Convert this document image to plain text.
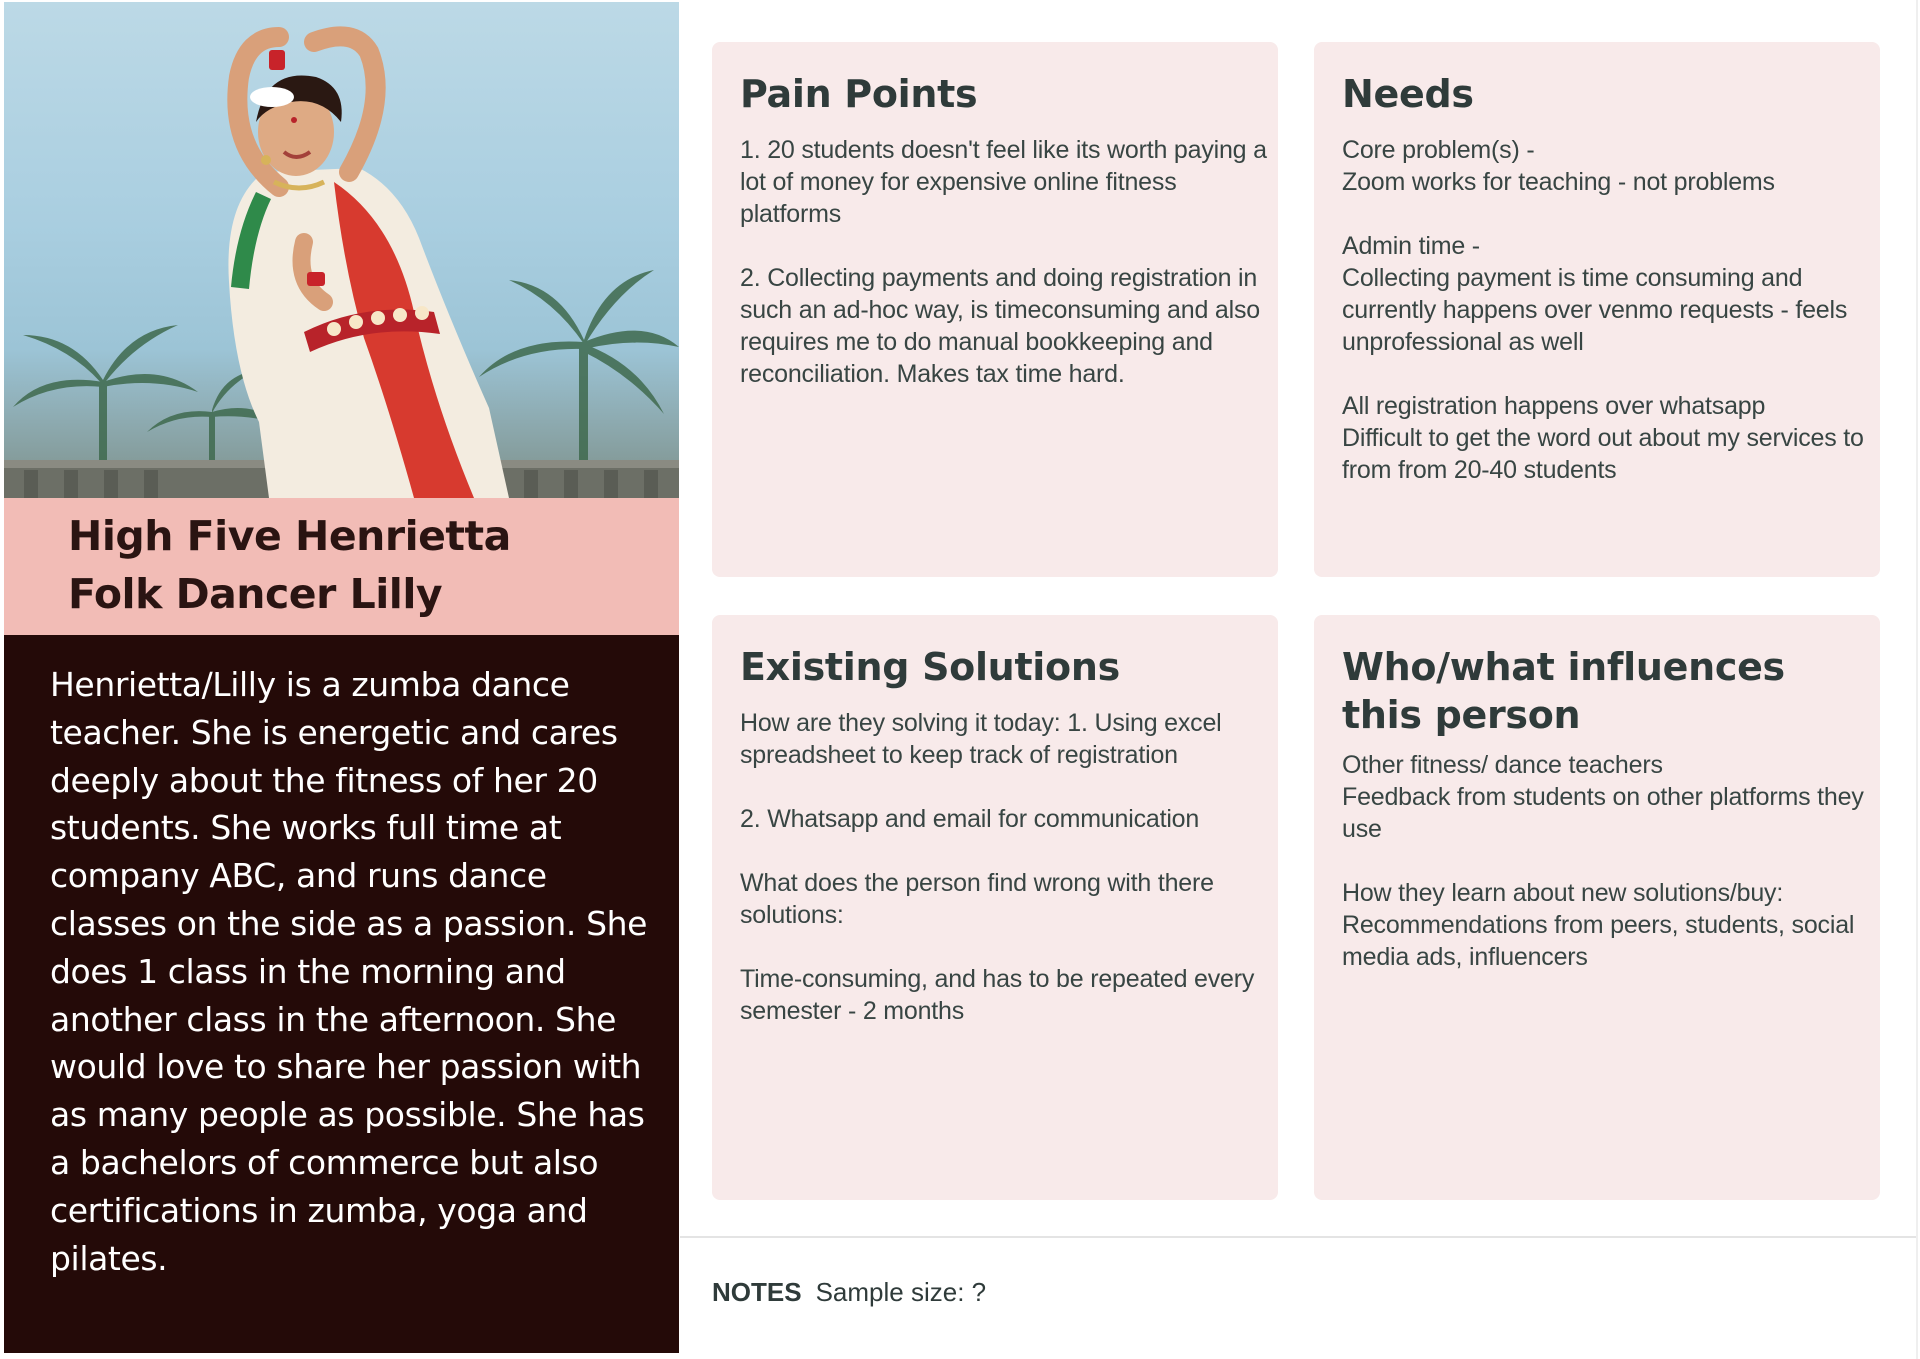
High Five Henrietta
Folk Dancer Lilly

Henrietta/Lilly is a zumba dance teacher. She is energetic and cares deeply about the fitness of her 20 students. She works full time at company ABC, and runs dance classes on the side as a passion. She does 1 class in the morning and another class in the afternoon. She would love to share her passion with as many people as possible. She has a bachelors of commerce but also certifications in zumba, yoga and pilates.

Pain Points

1. 20 students doesn't feel like its worth paying a lot of money for expensive online fitness platforms

2. Collecting payments and doing registration in such an ad-hoc way, is timeconsuming and also requires me to do manual bookkeeping and reconciliation. Makes tax time hard.

Needs

Core problem(s) -
Zoom works for teaching - not problems

Admin time -
Collecting payment is time consuming and currently happens over venmo requests - feels unprofessional as well

All registration happens over whatsapp
Difficult to get the word out about my services to from from 20-40 students

Existing Solutions

How are they solving it today: 1. Using excel spreadsheet to keep track of registration

2. Whatsapp and email for communication

What does the person find wrong with there solutions:

Time-consuming, and has to be repeated every semester - 2 months

Who/what influences this person

Other fitness/ dance teachers
Feedback from students on other platforms they use

How they learn about new solutions/buy:
Recommendations from peers, students, social media ads, influencers

NOTES Sample size: ?
